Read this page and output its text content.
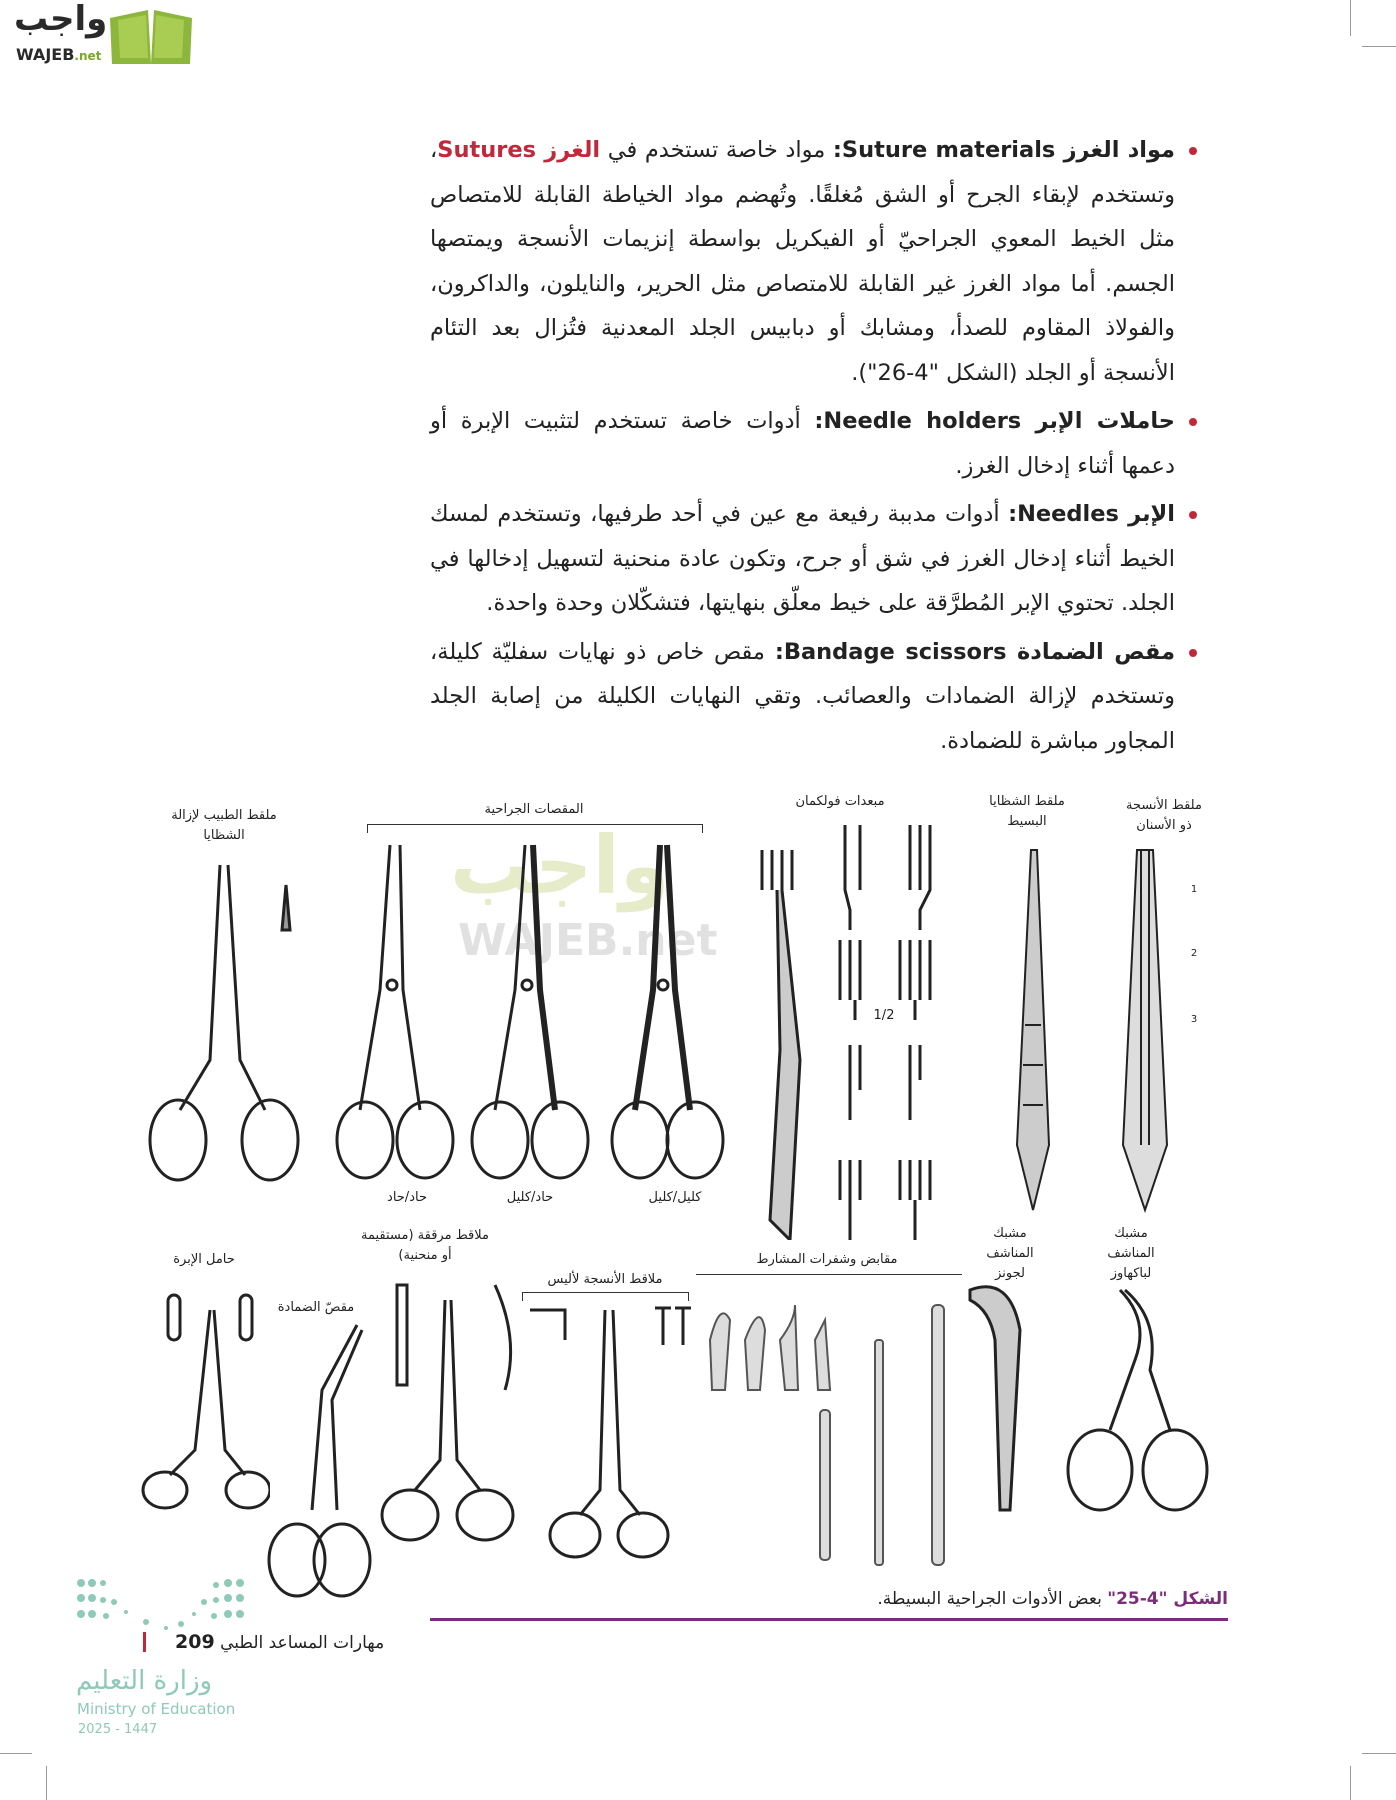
واجب
WAJEB.net

مواد الغرز Suture materials: مواد خاصة تستخدم في الغرز Sutures، وتستخدم لإبقاء الجرح أو الشق مُغلقًا. وتُهضم مواد الخياطة القابلة للامتصاص مثل الخيط المعوي الجراحيّ أو الفيكريل بواسطة إنزيمات الأنسجة ويمتصها الجسم. أما مواد الغرز غير القابلة للامتصاص مثل الحرير، والنايلون، والداكرون، والفولاذ المقاوم للصدأ، ومشابك أو دبابيس الجلد المعدنية فتُزال بعد التئام الأنسجة أو الجلد (الشكل "4-26").

حاملات الإبر Needle holders: أدوات خاصة تستخدم لتثبيت الإبرة أو دعمها أثناء إدخال الغرز.

الإبر Needles: أدوات مدببة رفيعة مع عين في أحد طرفيها، وتستخدم لمسك الخيط أثناء إدخال الغرز في شق أو جرح، وتكون عادة منحنية لتسهيل إدخالها في الجلد. تحتوي الإبر المُطرَّقة على خيط معلّق بنهايتها، فتشكّلان وحدة واحدة.

مقص الضمادة Bandage scissors: مقص خاص ذو نهايات سفليّة كليلة، وتستخدم لإزالة الضمادات والعصائب. وتقي النهايات الكليلة من إصابة الجلد المجاور مباشرة للضمادة.

واجب
WAJEB.net
ملقط الطبيب لإزالة الشظايا
المقصات الجراحية
مبعدات فولكمان	ملقط الشظايا البسيط
ملقط الأنسجة ذو الأسنان
حاد/حاد	حاد/كليل	كليل/كليل
1/2
1
2
3
مشبك المناشف لجونز
مشبك المناشف لباكهاوز
مقابض وشفرات المشارط
ملاقط مرققة (مستقيمة أو منحنية)
حامل الإبرة
مقصّ الضمادة
ملاقط الأنسجة لأليس
الشكل "4-25" بعض الأدوات الجراحية البسيطة.
وزارة التعليم
Ministry of Education
2025 - 1447
مهارات المساعد الطبي 209
